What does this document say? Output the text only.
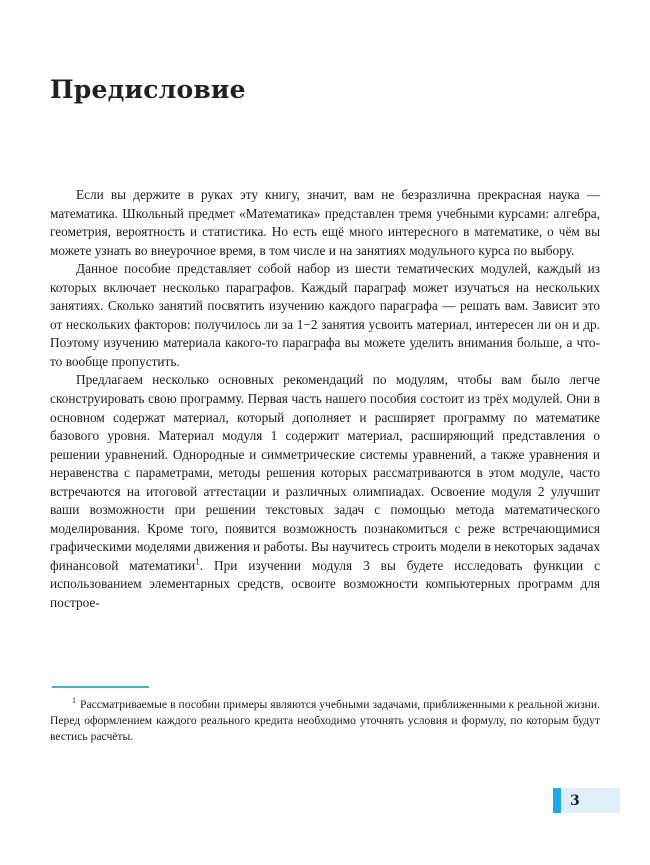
Предисловие

Если вы держите в руках эту книгу, значит, вам не безразлична прекрасная наука — математика. Школьный предмет «Математика» представлен тремя учебными курсами: алгебра, геометрия, вероятность и статистика. Но есть ещё много интересного в математике, о чём вы можете узнать во внеурочное время, в том числе и на занятиях модульного курса по выбору.

Данное пособие представляет собой набор из шести тематических модулей, каждый из которых включает несколько параграфов. Каждый параграф может изучаться на нескольких занятиях. Сколько занятий посвятить изучению каждого параграфа — решать вам. Зависит это от нескольких факторов: получилось ли за 1−2 занятия усвоить материал, интересен ли он и др. Поэтому изучению материала какого-то параграфа вы можете уделить внимания больше, а что-то вообще пропустить.

Предлагаем несколько основных рекомендаций по модулям, чтобы вам было легче сконструировать свою программу. Первая часть нашего пособия состоит из трёх модулей. Они в основном содержат материал, который дополняет и расширяет программу по математике базового уровня. Материал модуля 1 содержит материал, расширяющий представления о решении уравнений. Однородные и симметрические системы уравнений, а также уравнения и неравенства с параметрами, методы решения которых рассматриваются в этом модуле, часто встречаются на итоговой аттестации и различных олимпиадах. Освоение модуля 2 улучшит ваши возможности при решении текстовых задач с помощью метода математического моделирования. Кроме того, появится возможность познакомиться с реже встречающимися графическими моделями движения и работы. Вы научитесь строить модели в некоторых задачах финансовой математики$^1$. При изучении модуля 3 вы будете исследовать функции с использованием элементарных средств, освоите возможности компьютерных программ для построе-

$^1$ Рассматриваемые в пособии примеры являются учебными задачами, приближенными к реальной жизни. Перед оформлением каждого реального кредита необходимо уточнять условия и формулу, по которым будут вестись расчёты.

3
